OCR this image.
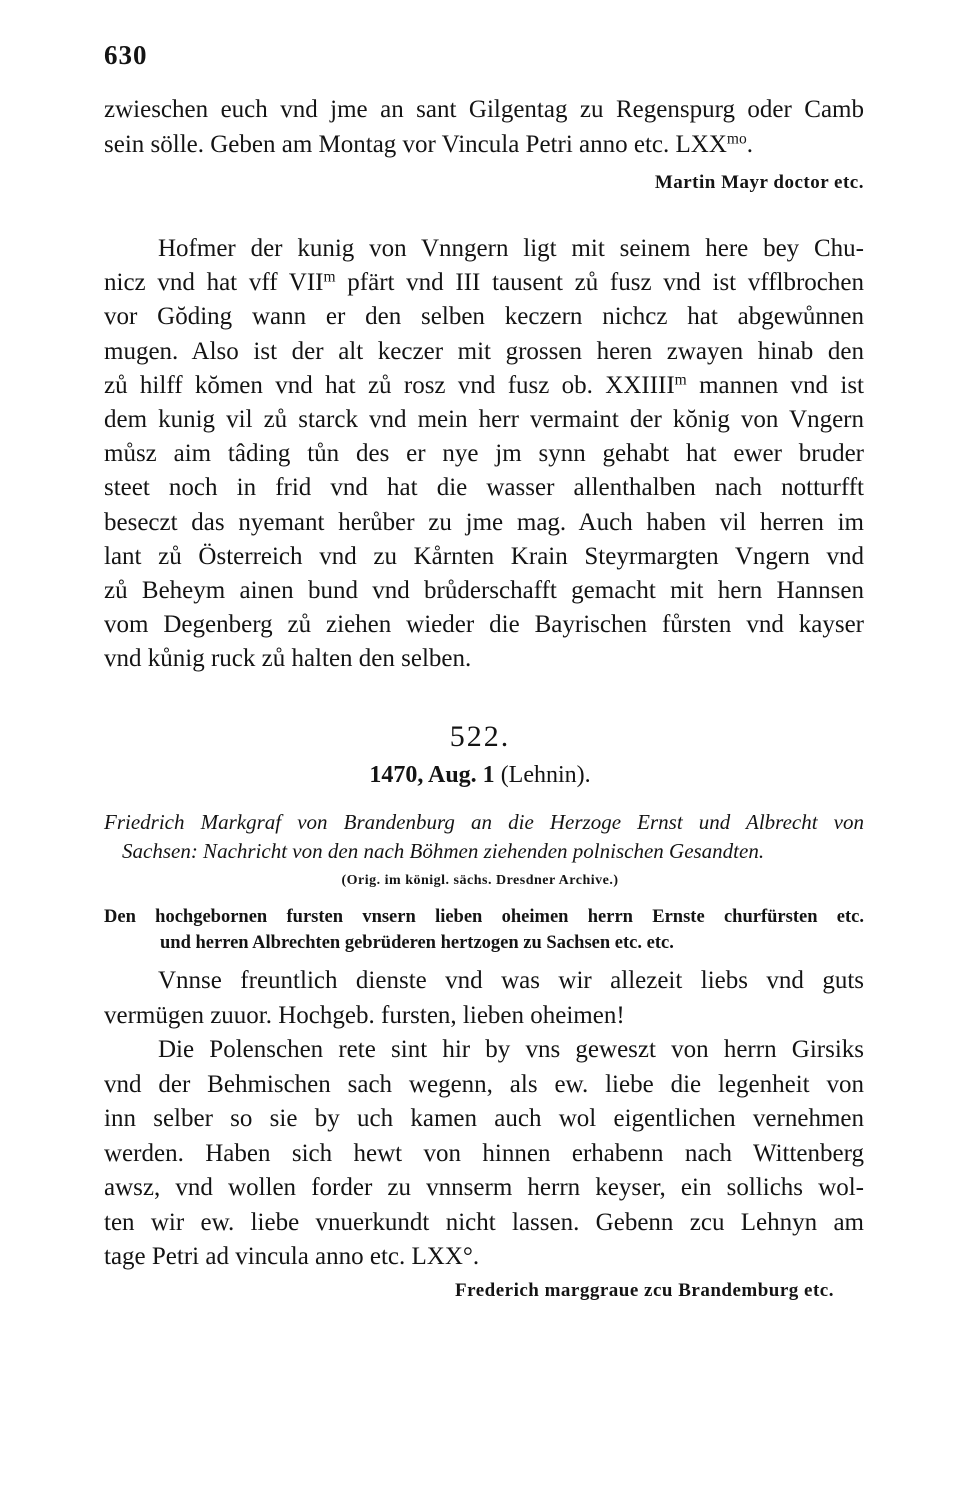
630
zwieschen euch vnd jme an sant Gilgentag zu Regenspurg oder Camb
sein sölle. Geben am Montag vor Vincula Petri anno etc. $LXX^{mo}$.
Martin Mayr doctor etc.
Hofmer der kunig von Vnngern ligt mit seinem here bey Chu-
nicz vnd hat vff VII$^m$ pfärt vnd III tausent zů fusz vnd ist vfflbrochen
vor Gŏding wann er den selben keczern nichcz hat abgewůnnen
mugen. Also ist der alt keczer mit grossen heren zwayen hinab den
zů hilff kŏmen vnd hat zů rosz vnd fusz ob. XXIIII$^m$ mannen vnd ist
dem kunig vil zů starck vnd mein herr vermaint der kŏnig von Vngern
můsz aim tâding tůn des er nye jm synn gehabt hat ewer bruder
steet noch in frid vnd hat die wasser allenthalben nach notturfft
beseczt das nyemant herůber zu jme mag. Auch haben vil herren im
lant zů Österreich vnd zu Kårnten Krain Steyrmargten Vngern vnd
zů Beheym ainen bund vnd brůderschafft gemacht mit hern Hannsen
vom Degenberg zů ziehen wieder die Bayrischen fůrsten vnd kayser
vnd kůnig ruck zů halten den selben.
522.
1470, Aug. 1 (Lehnin).
Friedrich Markgraf von Brandenburg an die Herzoge Ernst und Albrecht von
Sachsen: Nachricht von den nach Böhmen ziehenden polnischen Gesandten.
(Orig. im königl. sächs. Dresdner Archive.)
Den hochgebornen fursten vnsern lieben oheimen herrn Ernste churfürsten etc.
und herren Albrechten gebrüderen hertzogen zu Sachsen etc. etc.
Vnnse freuntlich dienste vnd was wir allezeit liebs vnd guts
vermügen zuuor. Hochgeb. fursten, lieben oheimen!
Die Polenschen rete sint hir by vns geweszt von herrn Girsiks
vnd der Behmischen sach wegenn, als ew. liebe die legenheit von
inn selber so sie by uch kamen auch wol eigentlichen vernehmen
werden. Haben sich hewt von hinnen erhabenn nach Wittenberg
awsz, vnd wollen forder zu vnnserm herrn keyser, ein sollichs wol-
ten wir ew. liebe vnuerkundt nicht lassen. Gebenn zcu Lehnyn am
tage Petri ad vincula anno etc. LXX°.
Frederich marggraue zcu Brandemburg etc.
